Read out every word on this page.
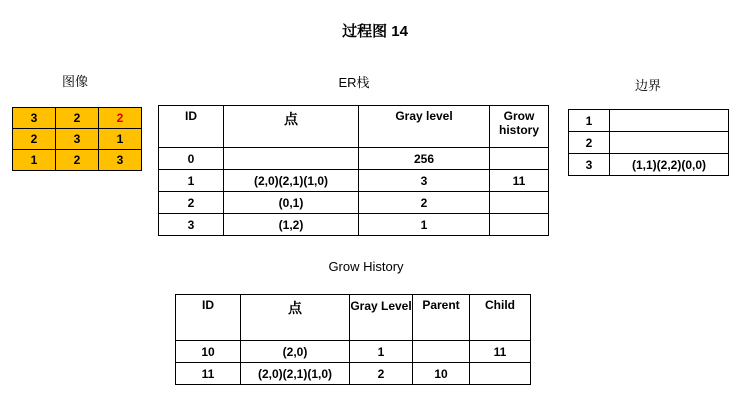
过程图 14
图像
3	2	2
2	3	1
1	2	3
ER栈
ID	点	Gray level	Grow history
0		256	
1	(2,0)(2,1)(1,0)	3	11
2	(0,1)	2	
3	(1,2)	1	
边界
1	
2	
3	(1,1)(2,2)(0,0)
Grow History
ID	点	Gray Level	Parent	Child
10	(2,0)	1		11
11	(2,0)(2,1)(1,0)	2	10	
